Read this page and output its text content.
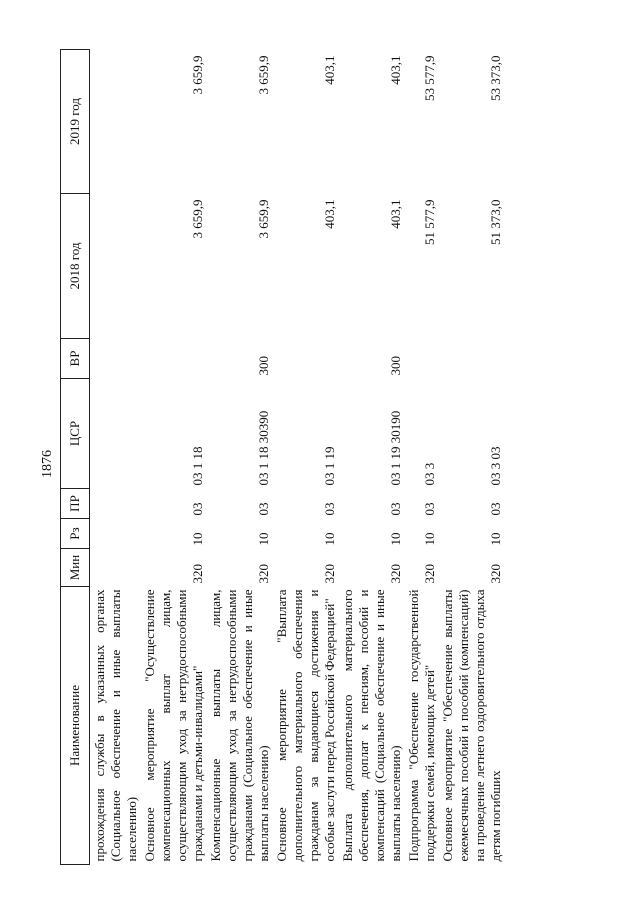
1876
Наименование	Мин	Рз	ПР	ЦСР	ВР	2018 год	2019 год
прохождения службы в указанных органах (Социальное обеспечение и иные выплаты населению)							
Основное мероприятие "Осуществление компенсационных выплат лицам, осуществляющим уход за нетрудоспособными гражданами и детьми-инвалидами"	320	10	03	03 1 18		3 659,9	3 659,9
Компенсационные выплаты лицам, осуществляющим уход за нетрудоспособными гражданами (Социальное обеспечение и иные выплаты населению)	320	10	03	03 1 18 30390	300	3 659,9	3 659,9
Основное мероприятие "Выплата дополнительного материального обеспечения гражданам за выдающиеся достижения и особые заслуги перед Российской Федерацией"	320	10	03	03 1 19		403,1	403,1
Выплата дополнительного материального обеспечения, доплат к пенсиям, пособий и компенсаций (Социальное обеспечение и иные выплаты населению)	320	10	03	03 1 19 30190	300	403,1	403,1
Подпрограмма "Обеспечение государственной поддержки семей, имеющих детей"	320	10	03	03 3		51 577,9	53 577,9
Основное мероприятие "Обеспечение выплаты ежемесячных пособий и пособий (компенсаций) на проведение летнего оздоровительного отдыха детям погибших	320	10	03	03 3 03		51 373,0	53 373,0
